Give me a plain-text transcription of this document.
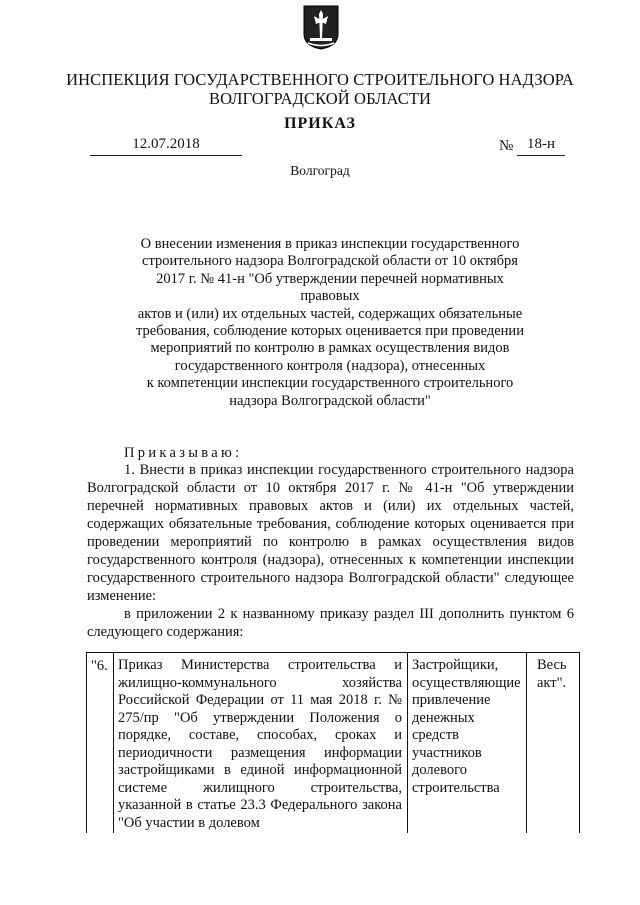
ИНСПЕКЦИЯ ГОСУДАРСТВЕННОГО СТРОИТЕЛЬНОГО НАДЗОРА
ВОЛГОГРАДСКОЙ ОБЛАСТИ
ПРИКАЗ
12.07.2018	№ 18-н
Волгоград
О внесении изменения в приказ инспекции государственного
строительного надзора Волгоградской области от 10 октября
2017 г. № 41-н "Об утверждении перечней нормативных правовых
актов и (или) их отдельных частей, содержащих обязательные
требования, соблюдение которых оценивается при проведении
мероприятий по контролю в рамках осуществления видов
государственного контроля (надзора), отнесенных
к компетенции инспекции государственного строительного
надзора Волгоградской области"
Приказываю:

1. Внести в приказ инспекции государственного строительного надзора Волгоградской области от 10 октября 2017 г. № 41-н "Об утверждении перечней нормативных правовых актов и (или) их отдельных частей, содержащих обязательные требования, соблюдение которых оценивается при проведении мероприятий по контролю в рамках осуществления видов государственного контроля (надзора), отнесенных к компетенции инспекции государственного строительного надзора Волгоградской области" следующее изменение:

в приложении 2 к названному приказу раздел III дополнить пунктом 6 следующего содержания:

"6. Приказ Министерства строительства и жилищно-коммунального хозяйства Российской Федерации от 11 мая 2018 г. № 275/пр "Об утверждении Положения о порядке, составе, способах, сроках и периодичности размещения информации застройщиками в единой информационной системе жилищного строительства, указанной в статье 23.3 Федерального закона "Об участии в долевом
Застройщики, осуществляющие привлечение денежных средств участников долевого строительства
Весь акт".
